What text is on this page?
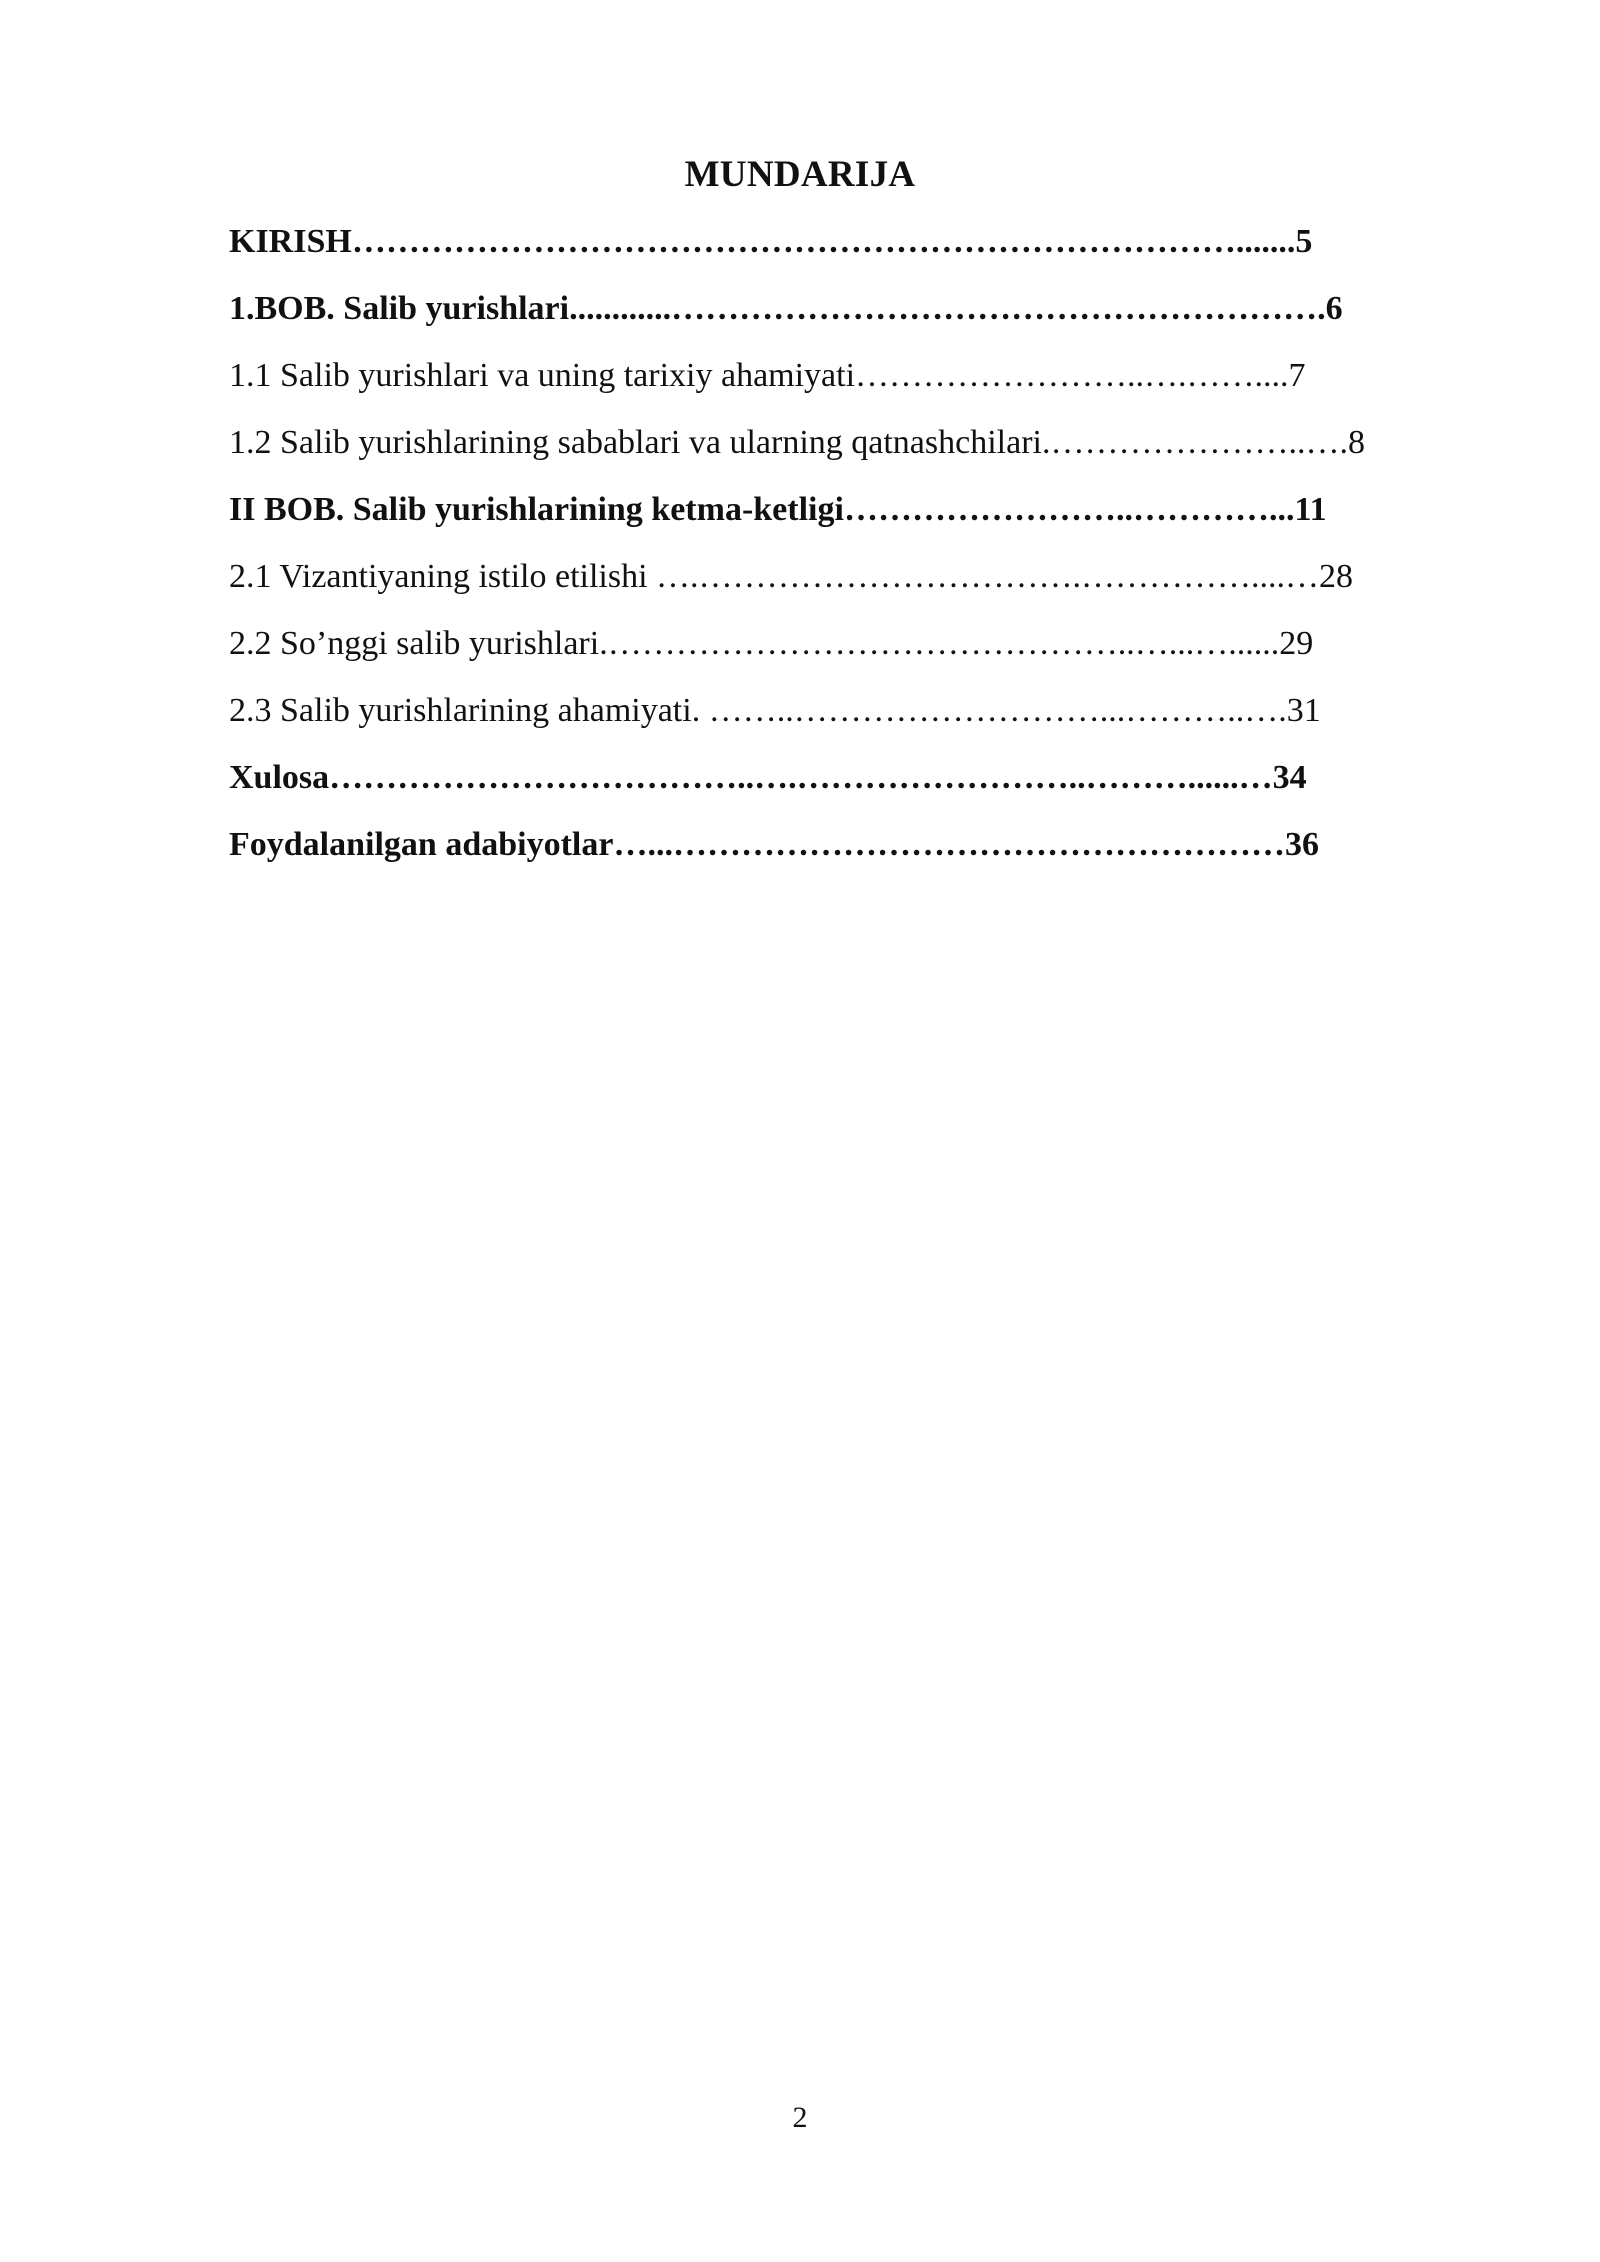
MUNDARIJA
KIRISH…………………………………………………………………….......5
1.BOB. Salib yurishlari............………………………………………………….6
1.1 Salib yurishlari va uning tarixiy ahamiyati……………………..….……....7
1.2 Salib yurishlarining sabablari va ularning qatnashchilari.…………………..….8
II BOB. Salib yurishlarining ketma-ketligi……………………..…………...11
2.1 Vizantiyaning istilo etilishi ….…………………………….……………....…28
2.2 So’nggi salib yurishlari.………………………………………..…...…......29
2.3 Salib yurishlarining ahamiyati. ……..………………………...………..….31
Xulosa………………………………..….……………………..………......…34
Foydalanilgan adabiyotlar…...………………………………………………36
2
